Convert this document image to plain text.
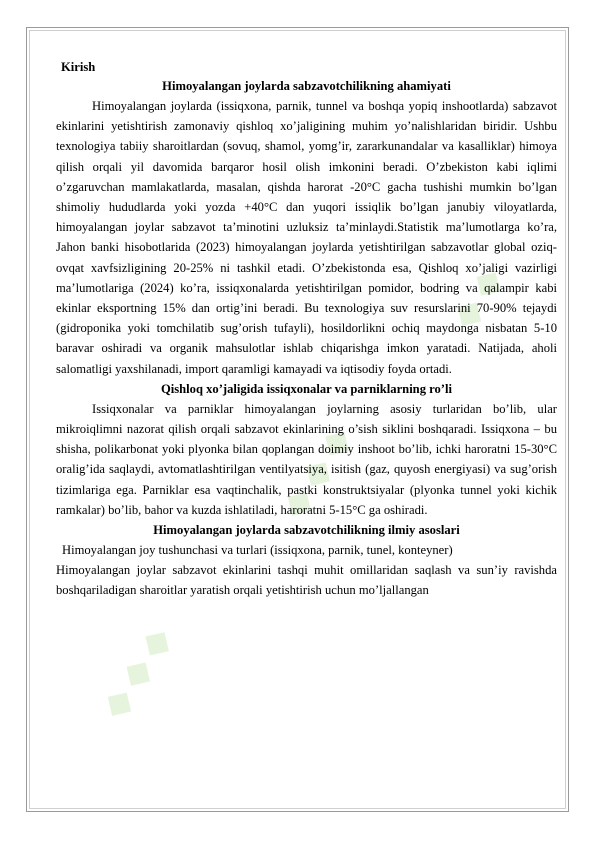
◆ ◆ ◆
◆ ◆ ◆
◆ ◆

Kirish

Himoyalangan joylarda sabzavotchilikning ahamiyati

Himoyalangan joylarda (issiqxona, parnik, tunnel va boshqa yopiq inshootlarda) sabzavot ekinlarini yetishtirish zamonaviy qishloq xo’jaligining muhim yo’nalishlaridan biridir. Ushbu texnologiya tabiiy sharoitlardan (sovuq, shamol, yomg’ir, zararkunandalar va kasalliklar) himoya qilish orqali yil davomida barqaror hosil olish imkonini beradi. O’zbekiston kabi iqlimi o’zgaruvchan mamlakatlarda, masalan, qishda harorat -20°C gacha tushishi mumkin bo’lgan shimoliy hududlarda yoki yozda +40°C dan yuqori issiqlik bo’lgan janubiy viloyatlarda, himoyalangan joylar sabzavot ta’minotini uzluksiz ta’minlaydi.Statistik ma’lumotlarga ko’ra, Jahon banki hisobotlarida (2023) himoyalangan joylarda yetishtirilgan sabzavotlar global oziq-ovqat xavfsizligining 20-25% ni tashkil etadi. O’zbekistonda esa, Qishloq xo’jaligi vazirligi ma’lumotlariga (2024) ko’ra, issiqxonalarda yetishtirilgan pomidor, bodring va qalampir kabi ekinlar eksportning 15% dan ortig’ini beradi. Bu texnologiya suv resurslarini 70-90% tejaydi (gidroponika yoki tomchilatib sug’orish tufayli), hosildorlikni ochiq maydonga nisbatan 5-10 baravar oshiradi va organik mahsulotlar ishlab chiqarishga imkon yaratadi. Natijada, aholi salomatligi yaxshilanadi, import qaramligi kamayadi va iqtisodiy foyda ortadi.

Qishloq xo’jaligida issiqxonalar va parniklarning ro’li

Issiqxonalar va parniklar himoyalangan joylarning asosiy turlaridan bo’lib, ular mikroiqlimni nazorat qilish orqali sabzavot ekinlarining o’sish siklini boshqaradi. Issiqxona – bu shisha, polikarbonat yoki plyonka bilan qoplangan doimiy inshoot bo’lib, ichki haroratni 15-30°C oralig’ida saqlaydi, avtomatlashtirilgan ventilyatsiya, isitish (gaz, quyosh energiyasi) va sug’orish tizimlariga ega. Parniklar esa vaqtinchalik, pastki konstruktsiyalar (plyonka tunnel yoki kichik ramkalar) bo’lib, bahor va kuzda ishlatiladi, haroratni 5-15°C ga oshiradi.

Himoyalangan joylarda sabzavotchilikning ilmiy asoslari

Himoyalangan joy tushunchasi va turlari (issiqxona, parnik, tunel, konteyner)

Himoyalangan joylar sabzavot ekinlarini tashqi muhit omillaridan saqlash va sun’iy ravishda boshqariladigan sharoitlar yaratish orqali yetishtirish uchun mo’ljallangan
